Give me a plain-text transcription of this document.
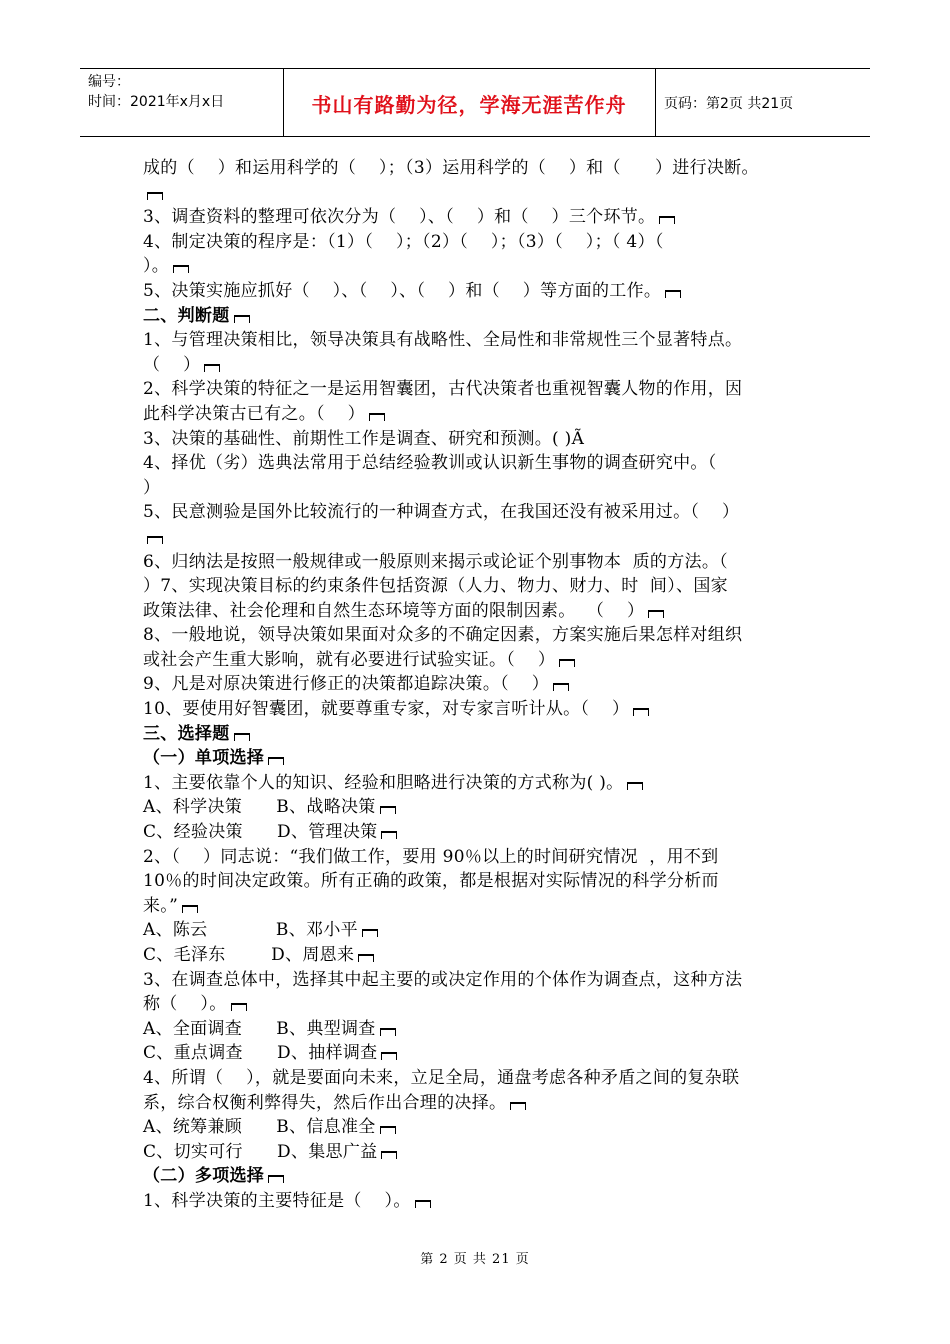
编号：
时间：2021年x月x日	书山有路勤为径，学海无涯苦作舟	页码：第2页 共21页
成的（    ）和运用科学的（    ）；（3）运用科学的（    ）和（      ）进行决断。
3、调查资料的整理可依次分为（    ）、（    ）和（    ）三个环节。
4、制定决策的程序是：（1）（    ）；（2）（    ）；（3）（    ）；（ 4）（
）。
5、决策实施应抓好（    ）、（    ）、（    ）和（    ）等方面的工作。
二、判断题
1、与管理决策相比，领导决策具有战略性、全局性和非常规性三个显著特点。
（    ）
2、科学决策的特征之一是运用智囊团，古代决策者也重视智囊人物的作用，因
此科学决策古已有之。（    ）
3、决策的基础性、前期性工作是调查、研究和预测。( )Ã
4、择优（劣）选典法常用于总结经验教训或认识新生事物的调查研究中。（
）
5、民意测验是国外比较流行的一种调查方式，在我国还没有被采用过。（    ）
6、归纳法是按照一般规律或一般原则来揭示或论证个别事物本  质的方法。（
）7、实现决策目标的约束条件包括资源（人力、物力、财力、时  间）、国家
政策法律、社会伦理和自然生态环境等方面的限制因素。  （    ）
8、一般地说，领导决策如果面对众多的不确定因素，方案实施后果怎样对组织
或社会产生重大影响，就有必要进行试验实证。（    ）
9、凡是对原决策进行修正的决策都追踪决策。（    ）
10、要使用好智囊团，就要尊重专家，对专家言听计从。（    ）
三、选择题
（一）单项选择
1、主要依靠个人的知识、经验和胆略进行决策的方式称为( )。
A、科学决策      B、战略决策
C、经验决策      D、管理决策
2、（    ）同志说：“我们做工作，要用 90％以上的时间研究情况  ，用不到
10％的时间决定政策。所有正确的政策，都是根据对实际情况的科学分析而
来。”
A、陈云            B、邓小平
C、毛泽东        D、周恩来
3、在调查总体中，选择其中起主要的或决定作用的个体作为调查点，这种方法
称（    ）。
A、全面调查      B、典型调查
C、重点调查      D、抽样调查
4、所谓（    ），就是要面向未来，立足全局，通盘考虑各种矛盾之间的复杂联
系，综合权衡利弊得失，然后作出合理的决择。
A、统筹兼顾      B、信息准全
C、切实可行      D、集思广益
（二）多项选择
1、科学决策的主要特征是（    ）。
第 2 页 共 21 页
